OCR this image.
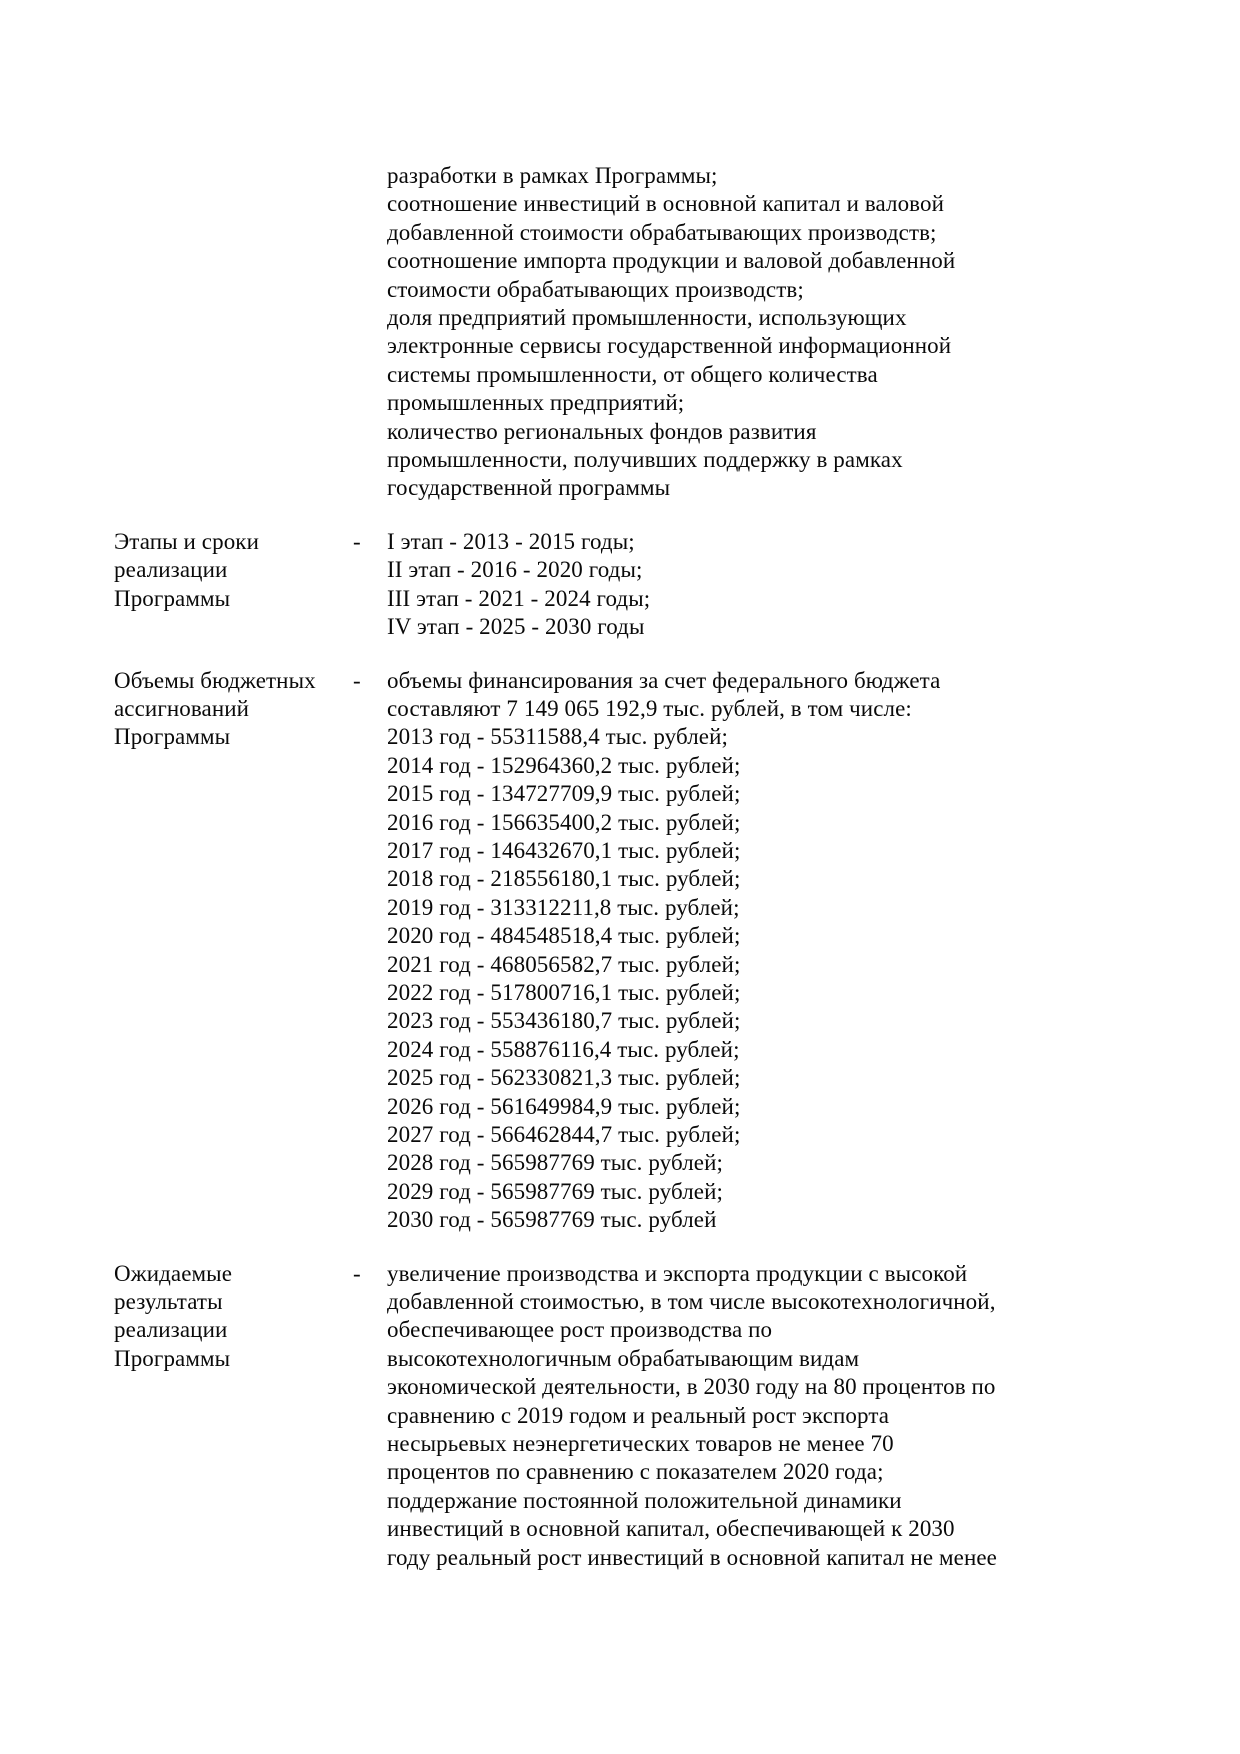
разработки в рамках Программы;
соотношение инвестиций в основной капитал и валовой
добавленной стоимости обрабатывающих производств;
соотношение импорта продукции и валовой добавленной
стоимости обрабатывающих производств;
доля предприятий промышленности, использующих
электронные сервисы государственной информационной
системы промышленности, от общего количества
промышленных предприятий;
количество региональных фондов развития
промышленности, получивших поддержку в рамках
государственной программы
Этапы и сроки
реализации
Программы
-	I этап - 2013 - 2015 годы;
II этап - 2016 - 2020 годы;
III этап - 2021 - 2024 годы;
IV этап - 2025 - 2030 годы
Объемы бюджетных
ассигнований
Программы
-	объемы финансирования за счет федерального бюджета
составляют 7 149 065 192,9 тыс. рублей, в том числе:
2013 год - 55311588,4 тыс. рублей;
2014 год - 152964360,2 тыс. рублей;
2015 год - 134727709,9 тыс. рублей;
2016 год - 156635400,2 тыс. рублей;
2017 год - 146432670,1 тыс. рублей;
2018 год - 218556180,1 тыс. рублей;
2019 год - 313312211,8 тыс. рублей;
2020 год - 484548518,4 тыс. рублей;
2021 год - 468056582,7 тыс. рублей;
2022 год - 517800716,1 тыс. рублей;
2023 год - 553436180,7 тыс. рублей;
2024 год - 558876116,4 тыс. рублей;
2025 год - 562330821,3 тыс. рублей;
2026 год - 561649984,9 тыс. рублей;
2027 год - 566462844,7 тыс. рублей;
2028 год - 565987769 тыс. рублей;
2029 год - 565987769 тыс. рублей;
2030 год - 565987769 тыс. рублей
Ожидаемые
результаты
реализации
Программы
-	увеличение производства и экспорта продукции с высокой
добавленной стоимостью, в том числе высокотехнологичной,
обеспечивающее рост производства по
высокотехнологичным обрабатывающим видам
экономической деятельности, в 2030 году на 80 процентов по
сравнению с 2019 годом и реальный рост экспорта
несырьевых неэнергетических товаров не менее 70
процентов по сравнению с показателем 2020 года;
поддержание постоянной положительной динамики
инвестиций в основной капитал, обеспечивающей к 2030
году реальный рост инвестиций в основной капитал не менее
